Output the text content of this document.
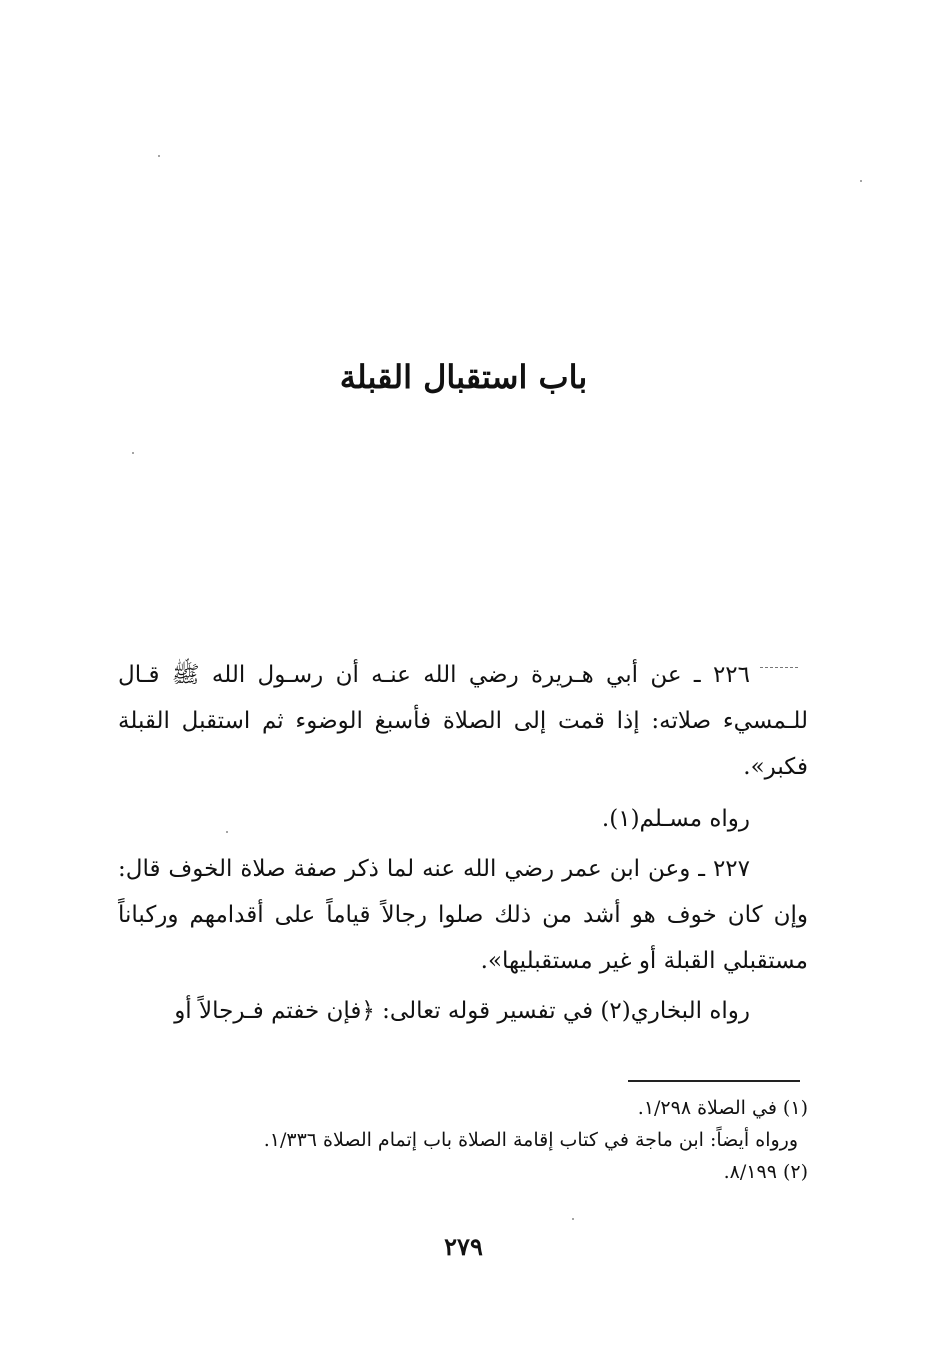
باب استقبال القبلة

٢٢٦ ـ عن أبي هـريرة رضي الله عنـه أن رسـول الله ﷺ قـال للـمسيء صلاته: إذا قمت إلى الصلاة فأسبغ الوضوء ثم استقبل القبلة فكبر».

رواه مسـلم(١).

٢٢٧ ـ وعن ابن عمر رضي الله عنه لما ذكر صفة صلاة الخوف قال: وإن كان خوف هو أشد من ذلك صلوا رجالاً قياماً على أقدامهم وركباناً مستقبلي القبلة أو غير مستقبليها».

رواه البخاري(٢) في تفسير قوله تعالى: ﴿فإن خفتم فـرجالاً أو

(١) في الصلاة ١/٢٩٨.

ورواه أيضاً: ابن ماجة في كتاب إقامة الصلاة باب إتمام الصلاة ١/٣٣٦.

(٢) ٨/١٩٩.

٢٧٩
